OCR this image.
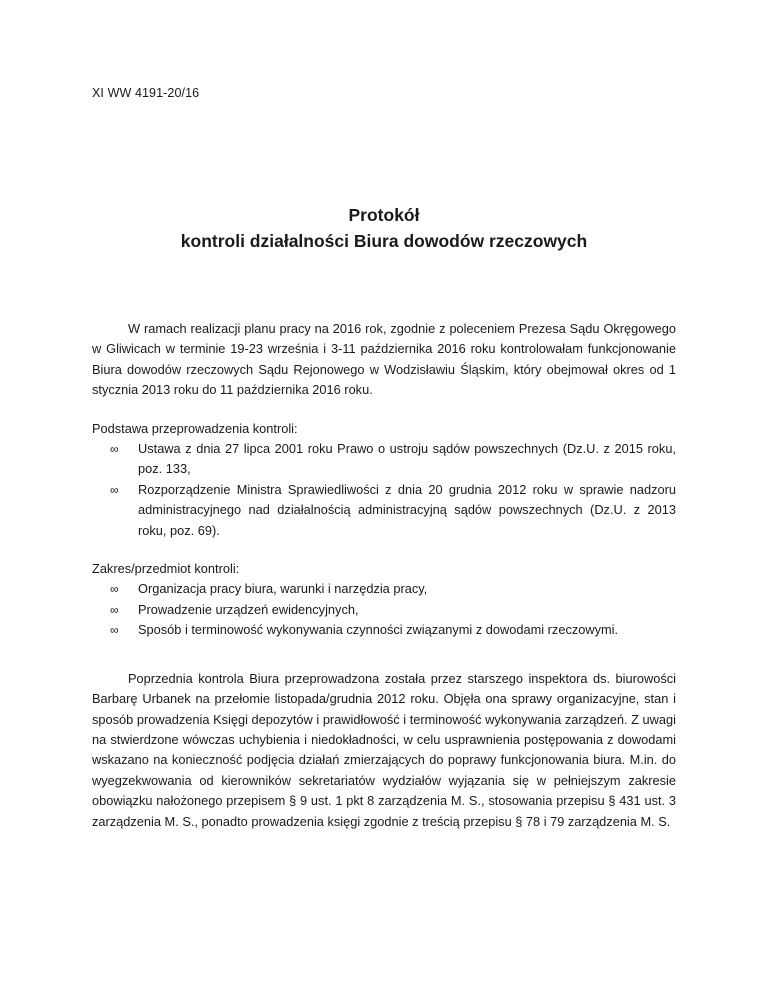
XI WW 4191-20/16
Protokół
kontroli działalności Biura dowodów rzeczowych

W ramach realizacji planu pracy na 2016 rok, zgodnie z poleceniem Prezesa Sądu Okręgowego w Gliwicach w terminie 19-23 września i 3-11 października 2016 roku kontrolowałam funkcjonowanie Biura dowodów rzeczowych Sądu Rejonowego w Wodzisławiu Śląskim, który obejmował okres od 1 stycznia 2013 roku do 11 października 2016 roku.

Podstawa przeprowadzenia kontroli:
∞ Ustawa z dnia 27 lipca 2001 roku Prawo o ustroju sądów powszechnych (Dz.U. z 2015 roku, poz. 133,
∞ Rozporządzenie Ministra Sprawiedliwości z dnia 20 grudnia 2012 roku w sprawie nadzoru administracyjnego nad działalnością administracyjną sądów powszechnych (Dz.U. z 2013 roku, poz. 69).
Zakres/przedmiot kontroli:
∞ Organizacja pracy biura, warunki i narzędzia pracy,
∞ Prowadzenie urządzeń ewidencyjnych,
∞ Sposób i terminowość wykonywania czynności związanymi z dowodami rzeczowymi.

Poprzednia kontrola Biura przeprowadzona została przez starszego inspektora ds. biurowości Barbarę Urbanek na przełomie listopada/grudnia 2012 roku. Objęła ona sprawy organizacyjne, stan i sposób prowadzenia Księgi depozytów i prawidłowość i terminowość wykonywania zarządzeń. Z uwagi na stwierdzone wówczas uchybienia i niedokładności, w celu usprawnienia postępowania z dowodami wskazano na konieczność podjęcia działań zmierzających do poprawy funkcjonowania biura. M.in. do wyegzekwowania od kierowników sekretariatów wydziałów wyjązania się w pełniejszym zakresie obowiązku nałożonego przepisem § 9 ust. 1 pkt 8 zarządzenia M. S., stosowania przepisu § 431 ust. 3 zarządzenia M. S., ponadto prowadzenia księgi zgodnie z treścią przepisu § 78 i 79 zarządzenia M. S.
